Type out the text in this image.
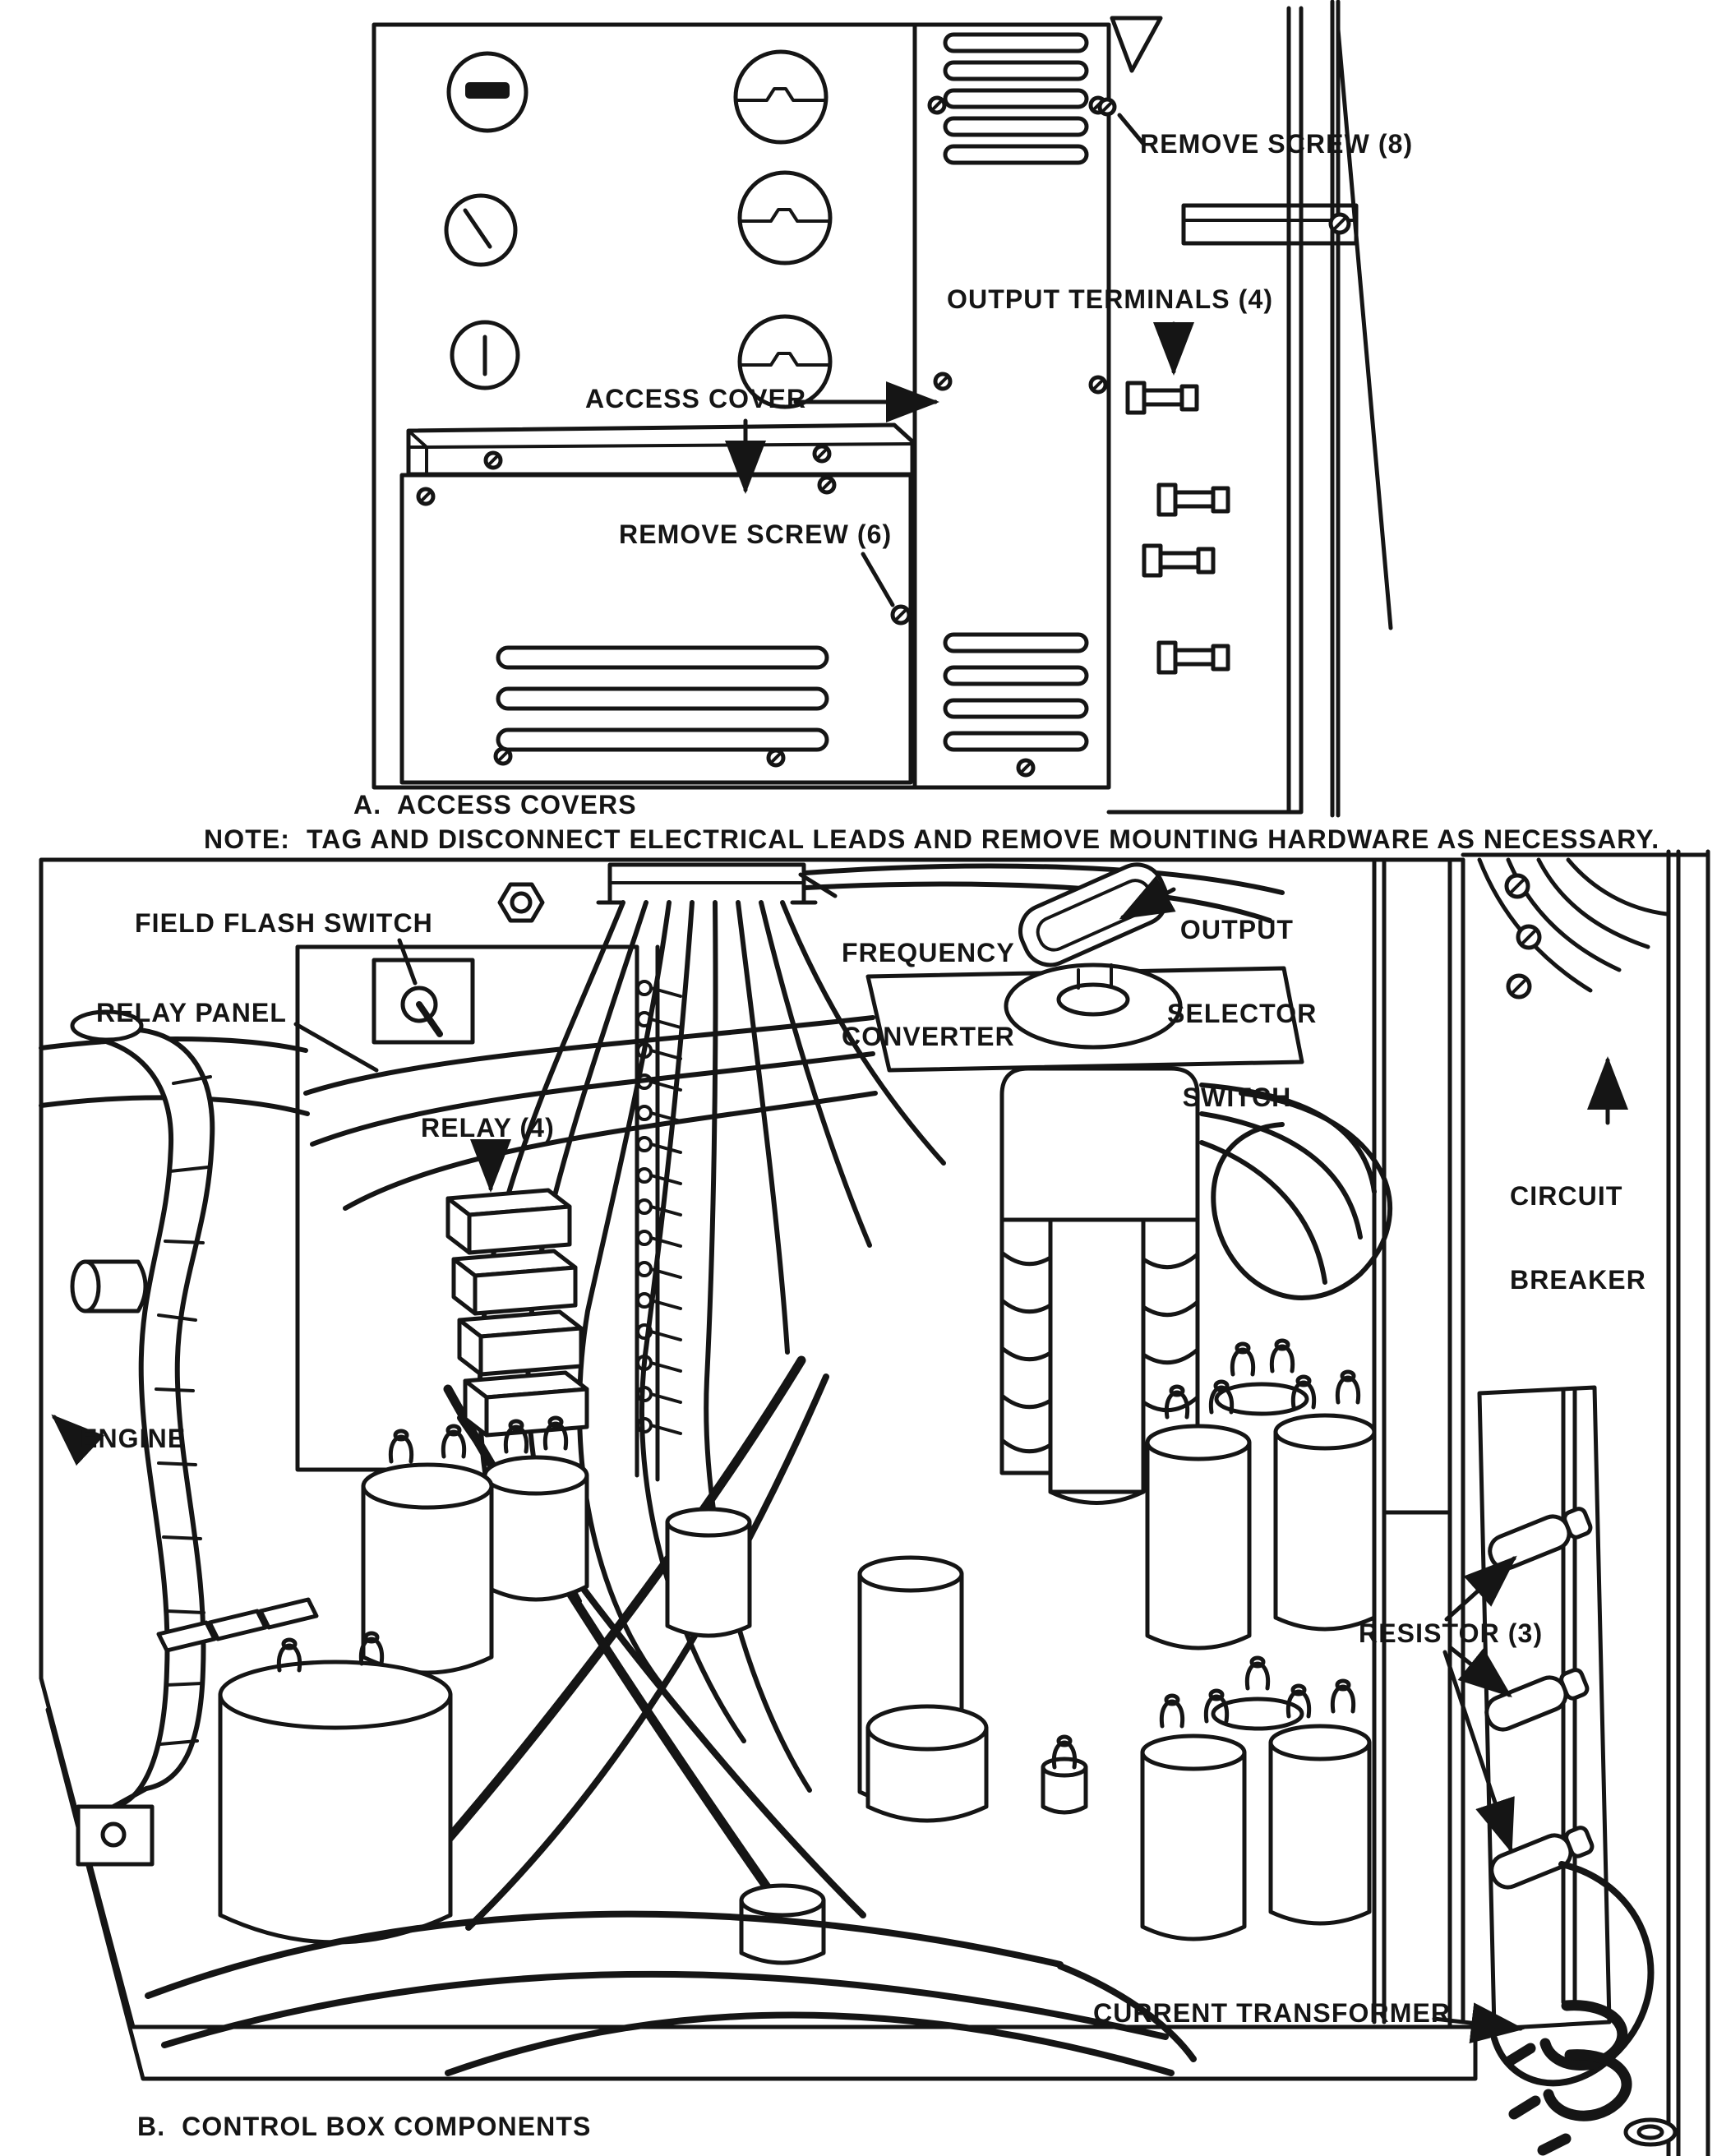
REMOVE SCREW (8)
OUTPUT TERMINALS (4)
ACCESS COVER
REMOVE SCREW (6)
A.  ACCESS COVERS
NOTE:  TAG AND DISCONNECT ELECTRICAL LEADS AND REMOVE MOUNTING HARDWARE AS NECESSARY.
FIELD FLASH SWITCH
RELAY PANEL

FREQUENCY

CONVERTER

OUTPUT

SELECTOR

SWITCH

CIRCUIT

BREAKER

RELAY (4)
ENGINE
RESISTOR (3)
CURRENT TRANSFORMER
B.  CONTROL BOX COMPONENTS
